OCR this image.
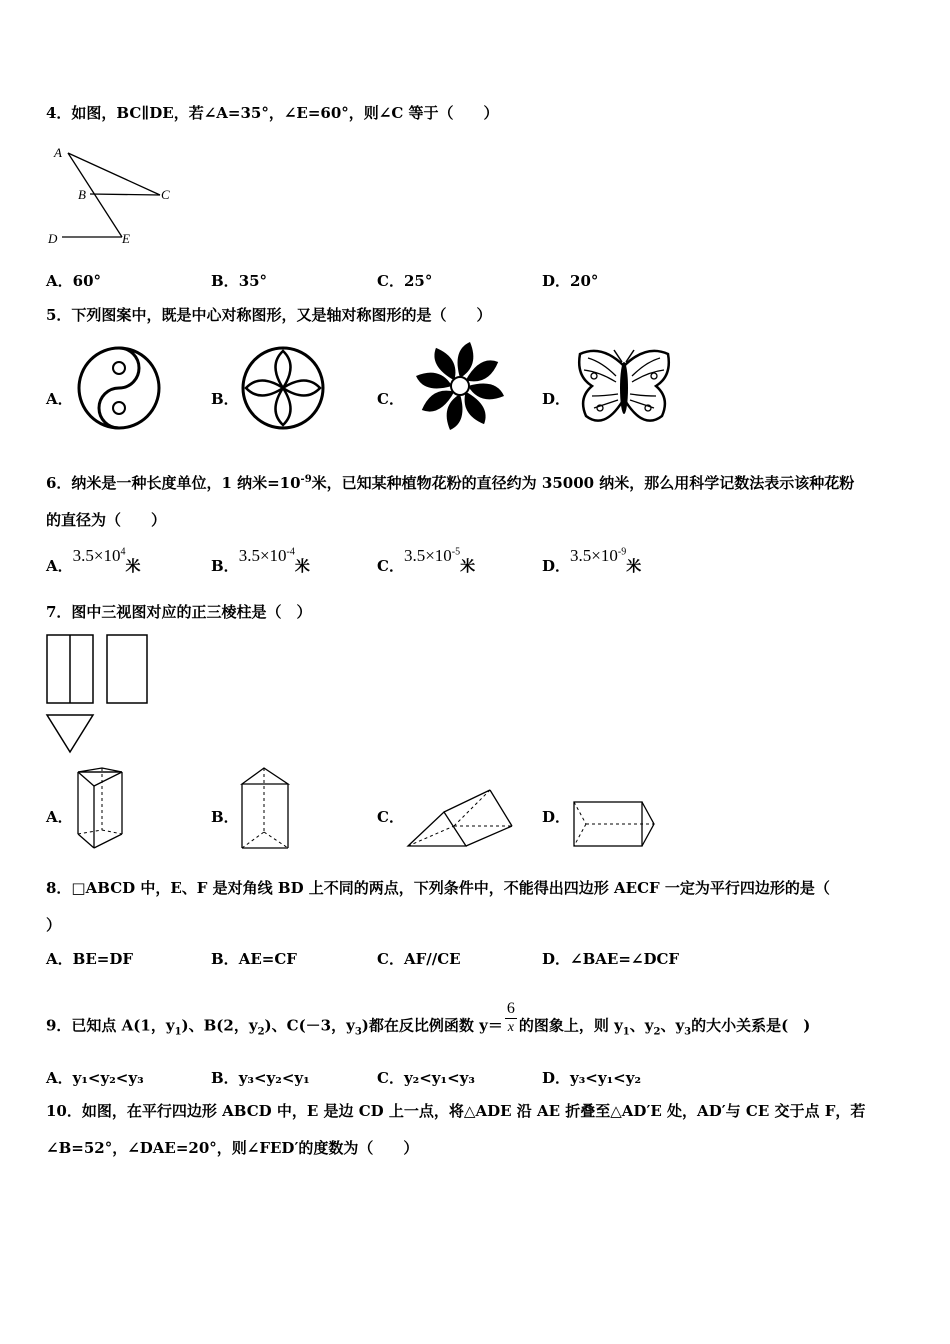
4．如图，BC∥DE，若∠A=35°，∠E=60°，则∠C 等于（　　）
A
B	C
D	E
A．60°	B．35°	C．25°	D．20°
5．下列图案中，既是中心对称图形，又是轴对称图形的是（　　）
A．	B．	C．	D．
6．纳米是一种长度单位，1 纳米$=10^{-9}$米，已知某种植物花粉的直径约为 35000 纳米，那么用科学记数法表示该种花粉
的直径为（　　）
A．$3.5\times 10^4$米	B．$3.5\times 10^{-4}$米	C．$3.5\times 10^{-5}$米	D．$3.5\times 10^{-9}$米
7．图中三视图对应的正三棱柱是（　）
A．	B．	C．	D．
8．□ABCD 中，E、F 是对角线 BD 上不同的两点，下列条件中，不能得出四边形 AECF 一定为平行四边形的是（
）
A．BE=DF	B．AE=CF	C．AF//CE	D．∠BAE=∠DCF
9．已知点 A(1，$y_1$)、B(2，$y_2$)、C(－3，$y_3$)都在反比例函数 $y= \frac{6}{x}$ 的图象上，则 $y_1$、$y_2$、$y_3$的大小关系是(　)
A．y₁<y₂<y₃	B．y₃<y₂<y₁	C．y₂<y₁<y₃	D．y₃<y₁<y₂
10．如图，在平行四边形 ABCD 中，E 是边 CD 上一点，将△ADE 沿 AE 折叠至△AD′E 处，AD′与 CE 交于点 F，若
∠B=52°，∠DAE=20°，则∠FED′的度数为（　　）
